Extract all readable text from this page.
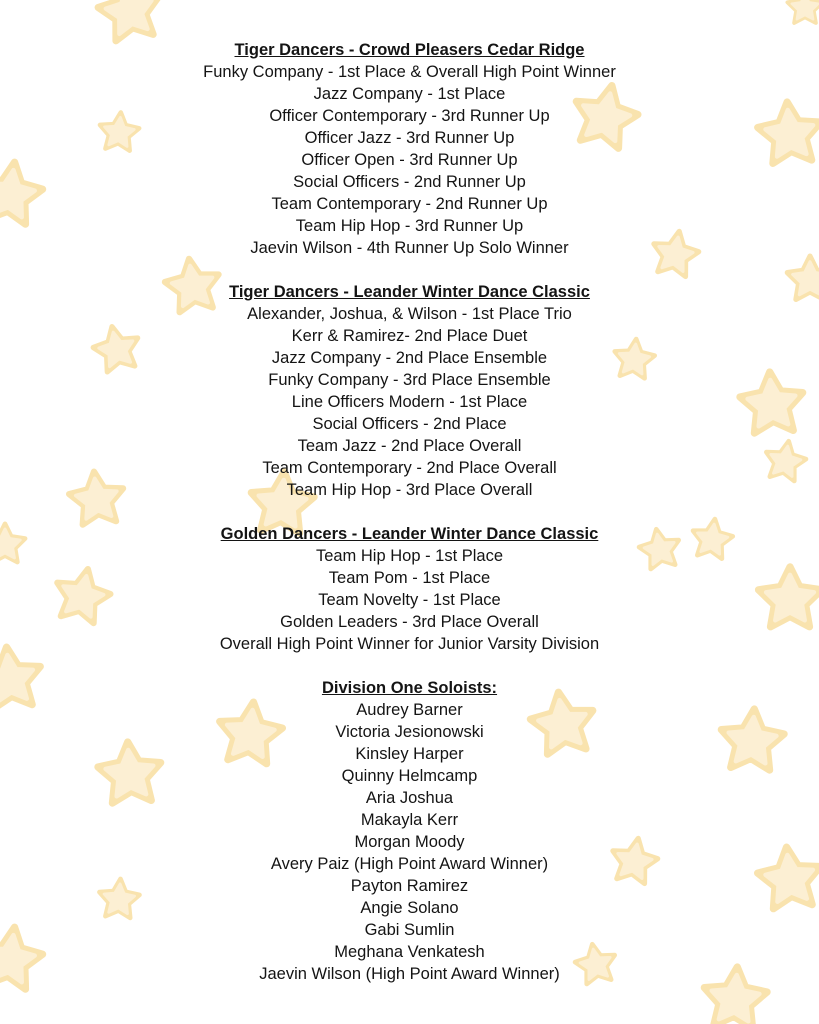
Tiger Dancers - Crowd Pleasers Cedar Ridge
Funky Company - 1st Place & Overall High Point Winner
Jazz Company - 1st Place
Officer Contemporary - 3rd Runner Up
Officer Jazz - 3rd Runner Up
Officer Open - 3rd Runner Up
Social Officers - 2nd Runner Up
Team Contemporary - 2nd Runner Up
Team Hip Hop - 3rd Runner Up
Jaevin Wilson - 4th Runner Up Solo Winner
Tiger Dancers - Leander Winter Dance Classic
Alexander, Joshua, & Wilson - 1st Place Trio
Kerr & Ramirez- 2nd Place Duet
Jazz Company - 2nd Place Ensemble
Funky Company - 3rd Place Ensemble
Line Officers Modern - 1st Place
Social Officers - 2nd Place
Team Jazz - 2nd Place Overall
Team Contemporary - 2nd Place Overall
Team Hip Hop - 3rd Place Overall
Golden Dancers - Leander Winter Dance Classic
Team Hip Hop - 1st Place
Team Pom - 1st Place
Team Novelty - 1st Place
Golden Leaders - 3rd Place Overall
Overall High Point Winner for Junior Varsity Division
Division One Soloists:
Audrey Barner
Victoria Jesionowski
Kinsley Harper
Quinny Helmcamp
Aria Joshua
Makayla Kerr
Morgan Moody
Avery Paiz (High Point Award Winner)
Payton Ramirez
Angie Solano
Gabi Sumlin
Meghana Venkatesh
Jaevin Wilson (High Point Award Winner)
